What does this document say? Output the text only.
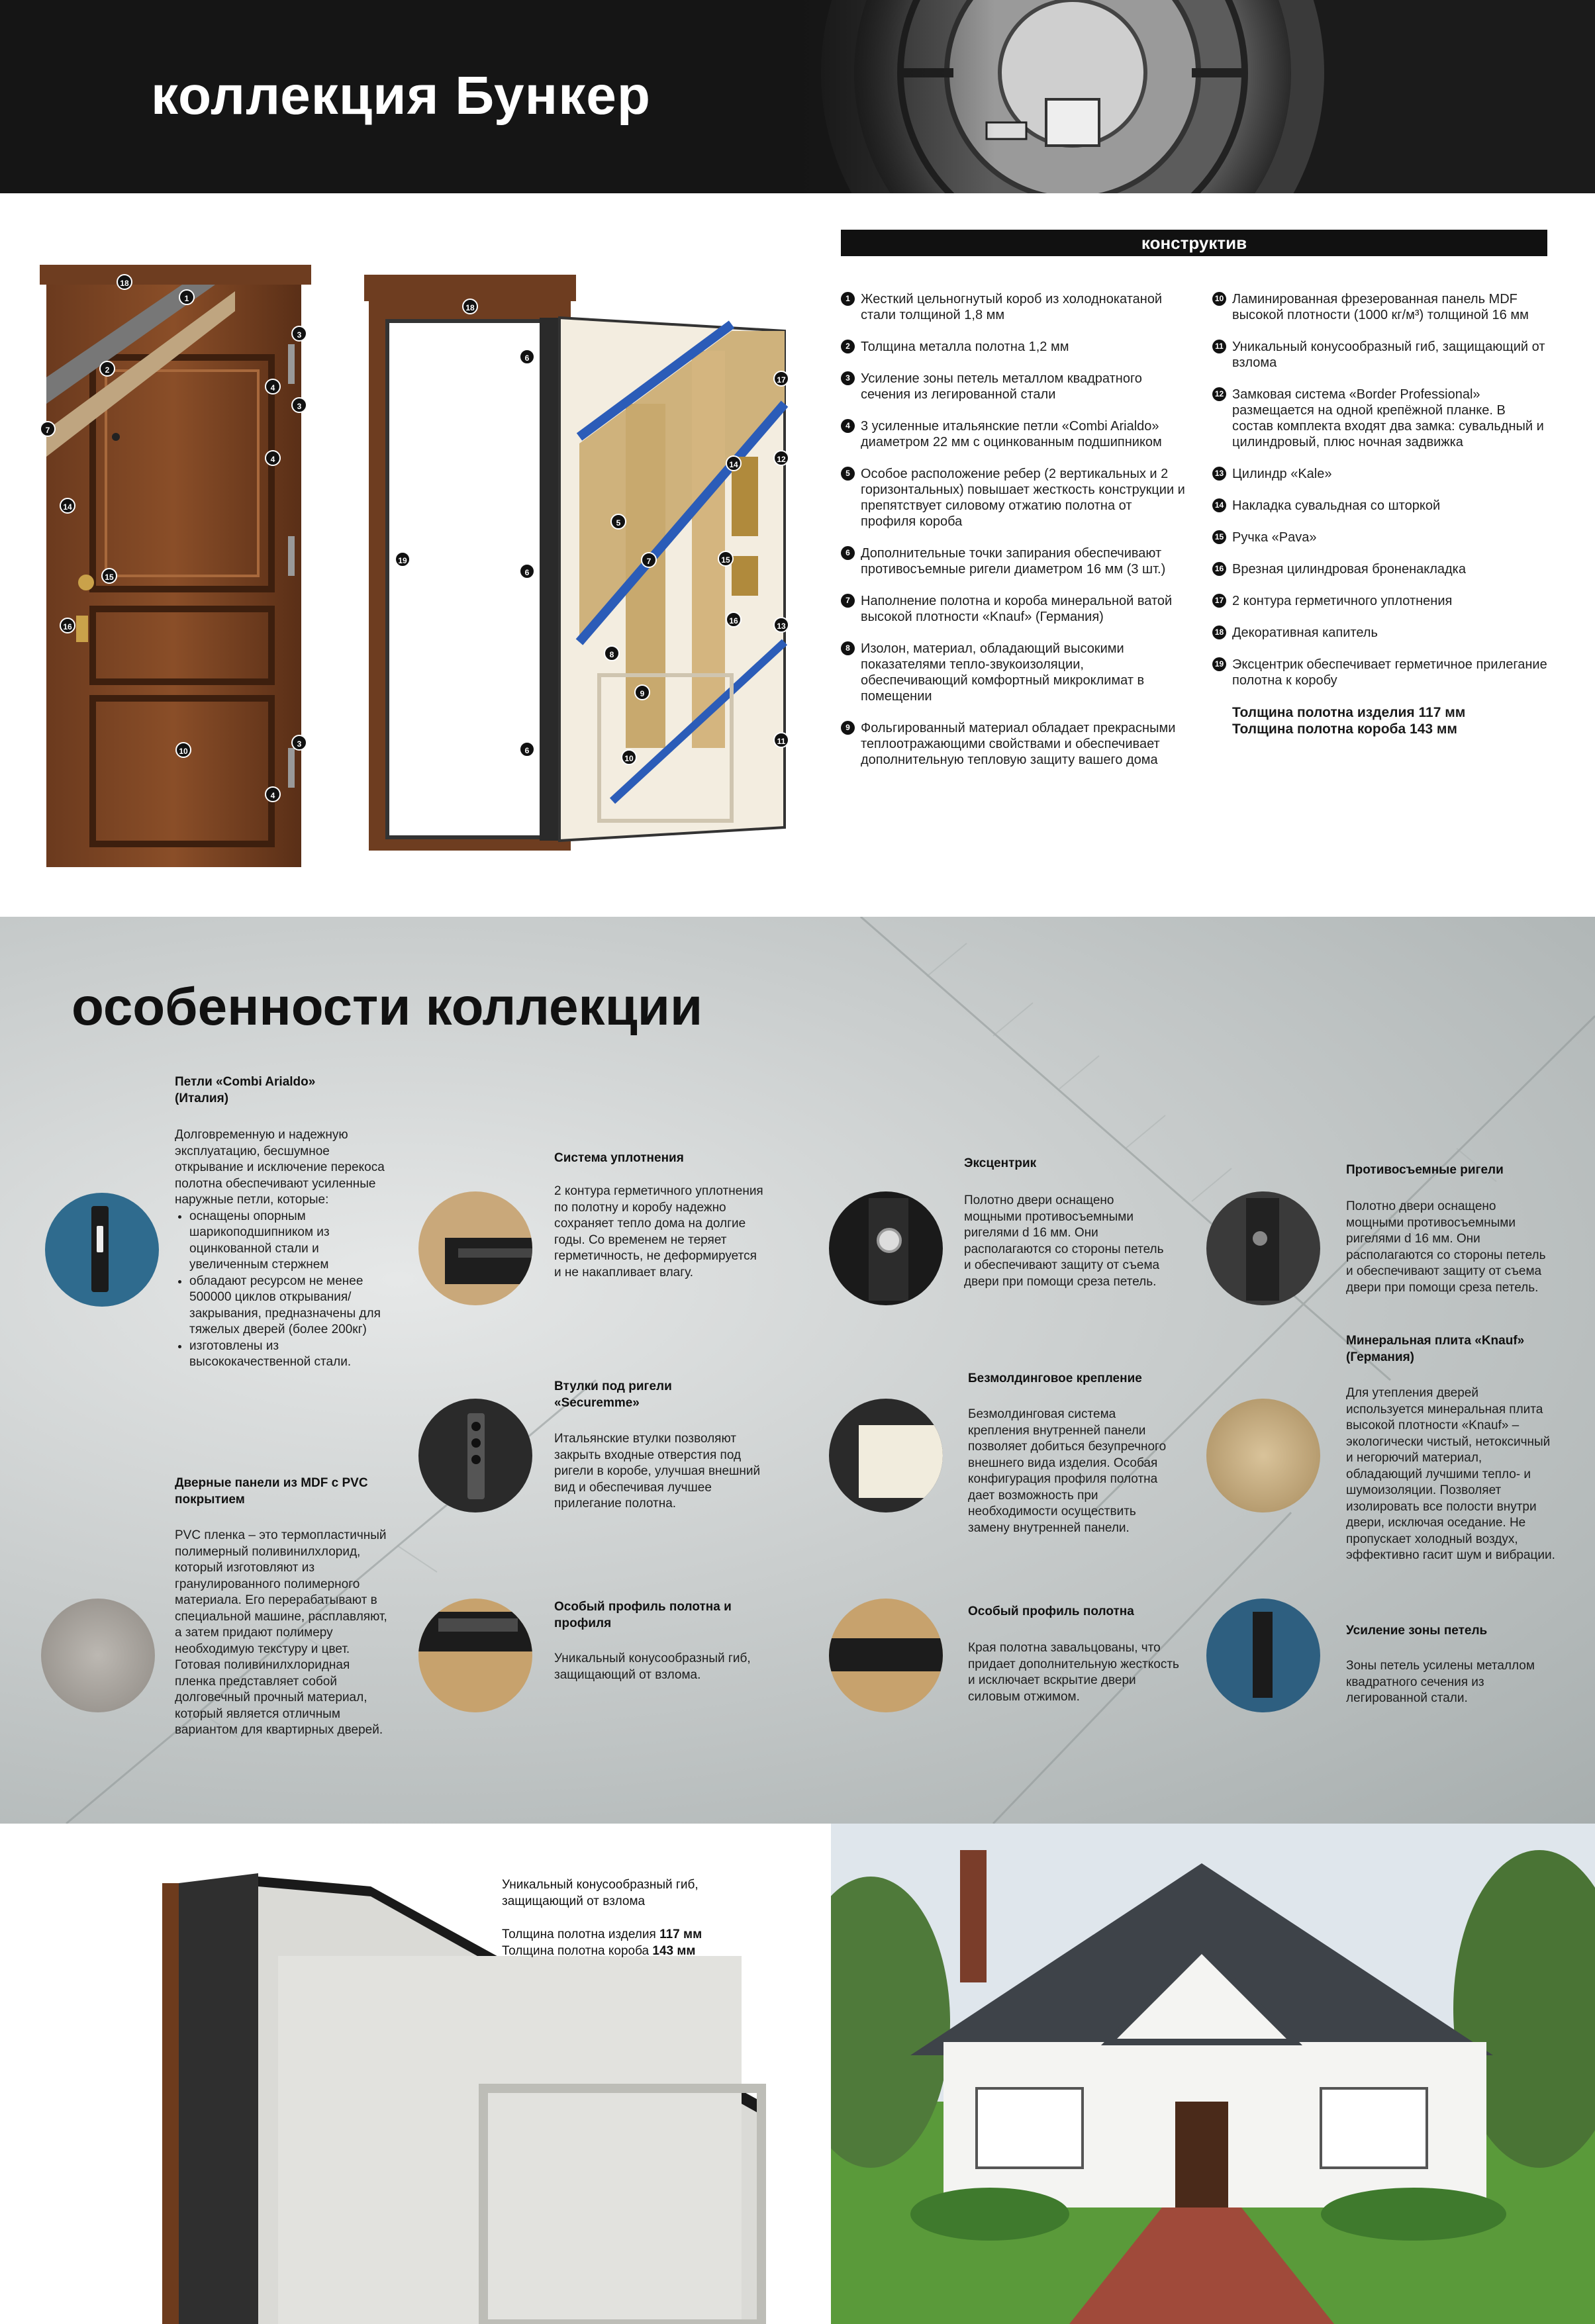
коллекция Бункер
18
1
2
3
4
3
4
7
14
15
16
10
3
4
18
6
19
6
6
17
12
14
5
7	15
16
13
8
9
11
10
конструктив
1 Жесткий цельногнутый короб из холоднокатаной стали толщиной 1,8 мм
2 Толщина металла полотна 1,2 мм
3 Усиление зоны петель металлом квадратного сечения из легированной стали
4 3 усиленные итальянские петли «Combi Arialdo» диаметром 22 мм с оцинкованным подшипником
5 Особое расположение ребер (2 вертикальных и 2 горизонтальных) повышает жесткость конструкции и препятствует силовому отжатию полотна от профиля короба
6 Дополнительные точки запирания обеспечивают противосъемные ригели диаметром 16 мм (3 шт.)
7 Наполнение полотна и короба минеральной ватой высокой плотности «Knauf» (Германия)
8 Изолон, материал, обладающий высокими показателями тепло-звукоизоляции, обеспечивающий комфортный микроклимат в помещении
9 Фольгированный материал обладает прекрасными теплоотражающими свойствами и обеспечивает дополнительную тепловую защиту вашего дома
10 Ламинированная фрезерованная панель MDF высокой плотности (1000 кг/м³) толщиной 16 мм
11 Уникальный конусообразный гиб, защищающий от взлома
12 Замковая система «Border Professional» размещается на одной крепёжной планке. В состав комплекта входят два замка: сувальдный и цилиндровый, плюс ночная задвижка
13 Цилиндр «Kale»
14 Накладка сувальдная со шторкой
15 Ручка «Pava»
16 Врезная цилиндровая броненакладка
17 2 контура герметичного уплотнения
18 Декоративная капитель
19 Эксцентрик обеспечивает герметичное прилегание полотна к коробу
Толщина полотна изделия 117 мм
Толщина полотна короба 143 мм
особенности коллекции
Петли «Combi Arialdo» (Италия)
Долговременную и надежную эксплуатацию, бесшумное открывание и исключение перекоса полотна обеспечивают усиленные наружные петли, которые:
• оснащены опорным шарикоподшипником из оцинкованной стали и увеличенным стержнем
• обладают ресурсом не менее 500000 циклов открывания/закрывания, предназначены для тяжелых дверей (более 200кг)
• изготовлены из высококачественной стали.
Дверные панели из MDF с PVC покрытием
PVC пленка – это термопластичный полимерный поливинилхлорид, который изготовляют из гранулированного полимерного материала. Его перерабатывают в специальной машине, расплавляют, а затем придают полимеру необходимую текстуру и цвет. Готовая поливинилхлоридная пленка представляет собой долговечный прочный материал, который является отличным вариантом для квартирных дверей.
Система уплотнения
2 контура герметичного уплотнения по полотну и коробу надежно сохраняет тепло дома на долгие годы. Со временем не теряет герметичность, не деформируется и не накапливает влагу.
Втулки под ригели «Securemme»
Итальянские втулки позволяют закрыть входные отверстия под ригели в коробе, улучшая внешний вид и обеспечивая лучшее прилегание полотна.
Особый профиль полотна и профиля
Уникальный конусообразный гиб, защищающий от взлома.
Эксцентрик
Полотно двери оснащено мощными противосъемными ригелями d 16 мм. Они располагаются со стороны петель и обеспечивают защиту от съема двери при помощи среза петель.
Безмолдинговое крепление
Безмолдинговая система крепления внутренней панели позволяет добиться безупречного внешнего вида изделия. Особая конфигурация профиля полотна дает возможность при необходимости осуществить замену внутренней панели.
Особый профиль полотна
Края полотна завальцованы, что придает дополнительную жесткость и исключает вскрытие двери силовым отжимом.
Противосъемные ригели
Полотно двери оснащено мощными противосъемными ригелями d 16 мм. Они располагаются со стороны петель и обеспечивают защиту от съема двери при помощи среза петель.
Минеральная плита «Knauf» (Германия)
Для утепления дверей используется минеральная плита высокой плотности «Knauf» – экологически чистый, нетоксичный и негорючий материал, обладающий лучшими тепло- и шумоизоляции. Позволяет изолировать все полости внутри двери, исключая оседание. Не пропускает холодный воздух, эффективно гасит шум и вибрации.
Усиление зоны петель
Зоны петель усилены металлом квадратного сечения из легированной стали.
Уникальный конусообразный гиб,
защищающий от взлома
Толщина полотна изделия 117 мм
Толщина полотна короба 143 мм
